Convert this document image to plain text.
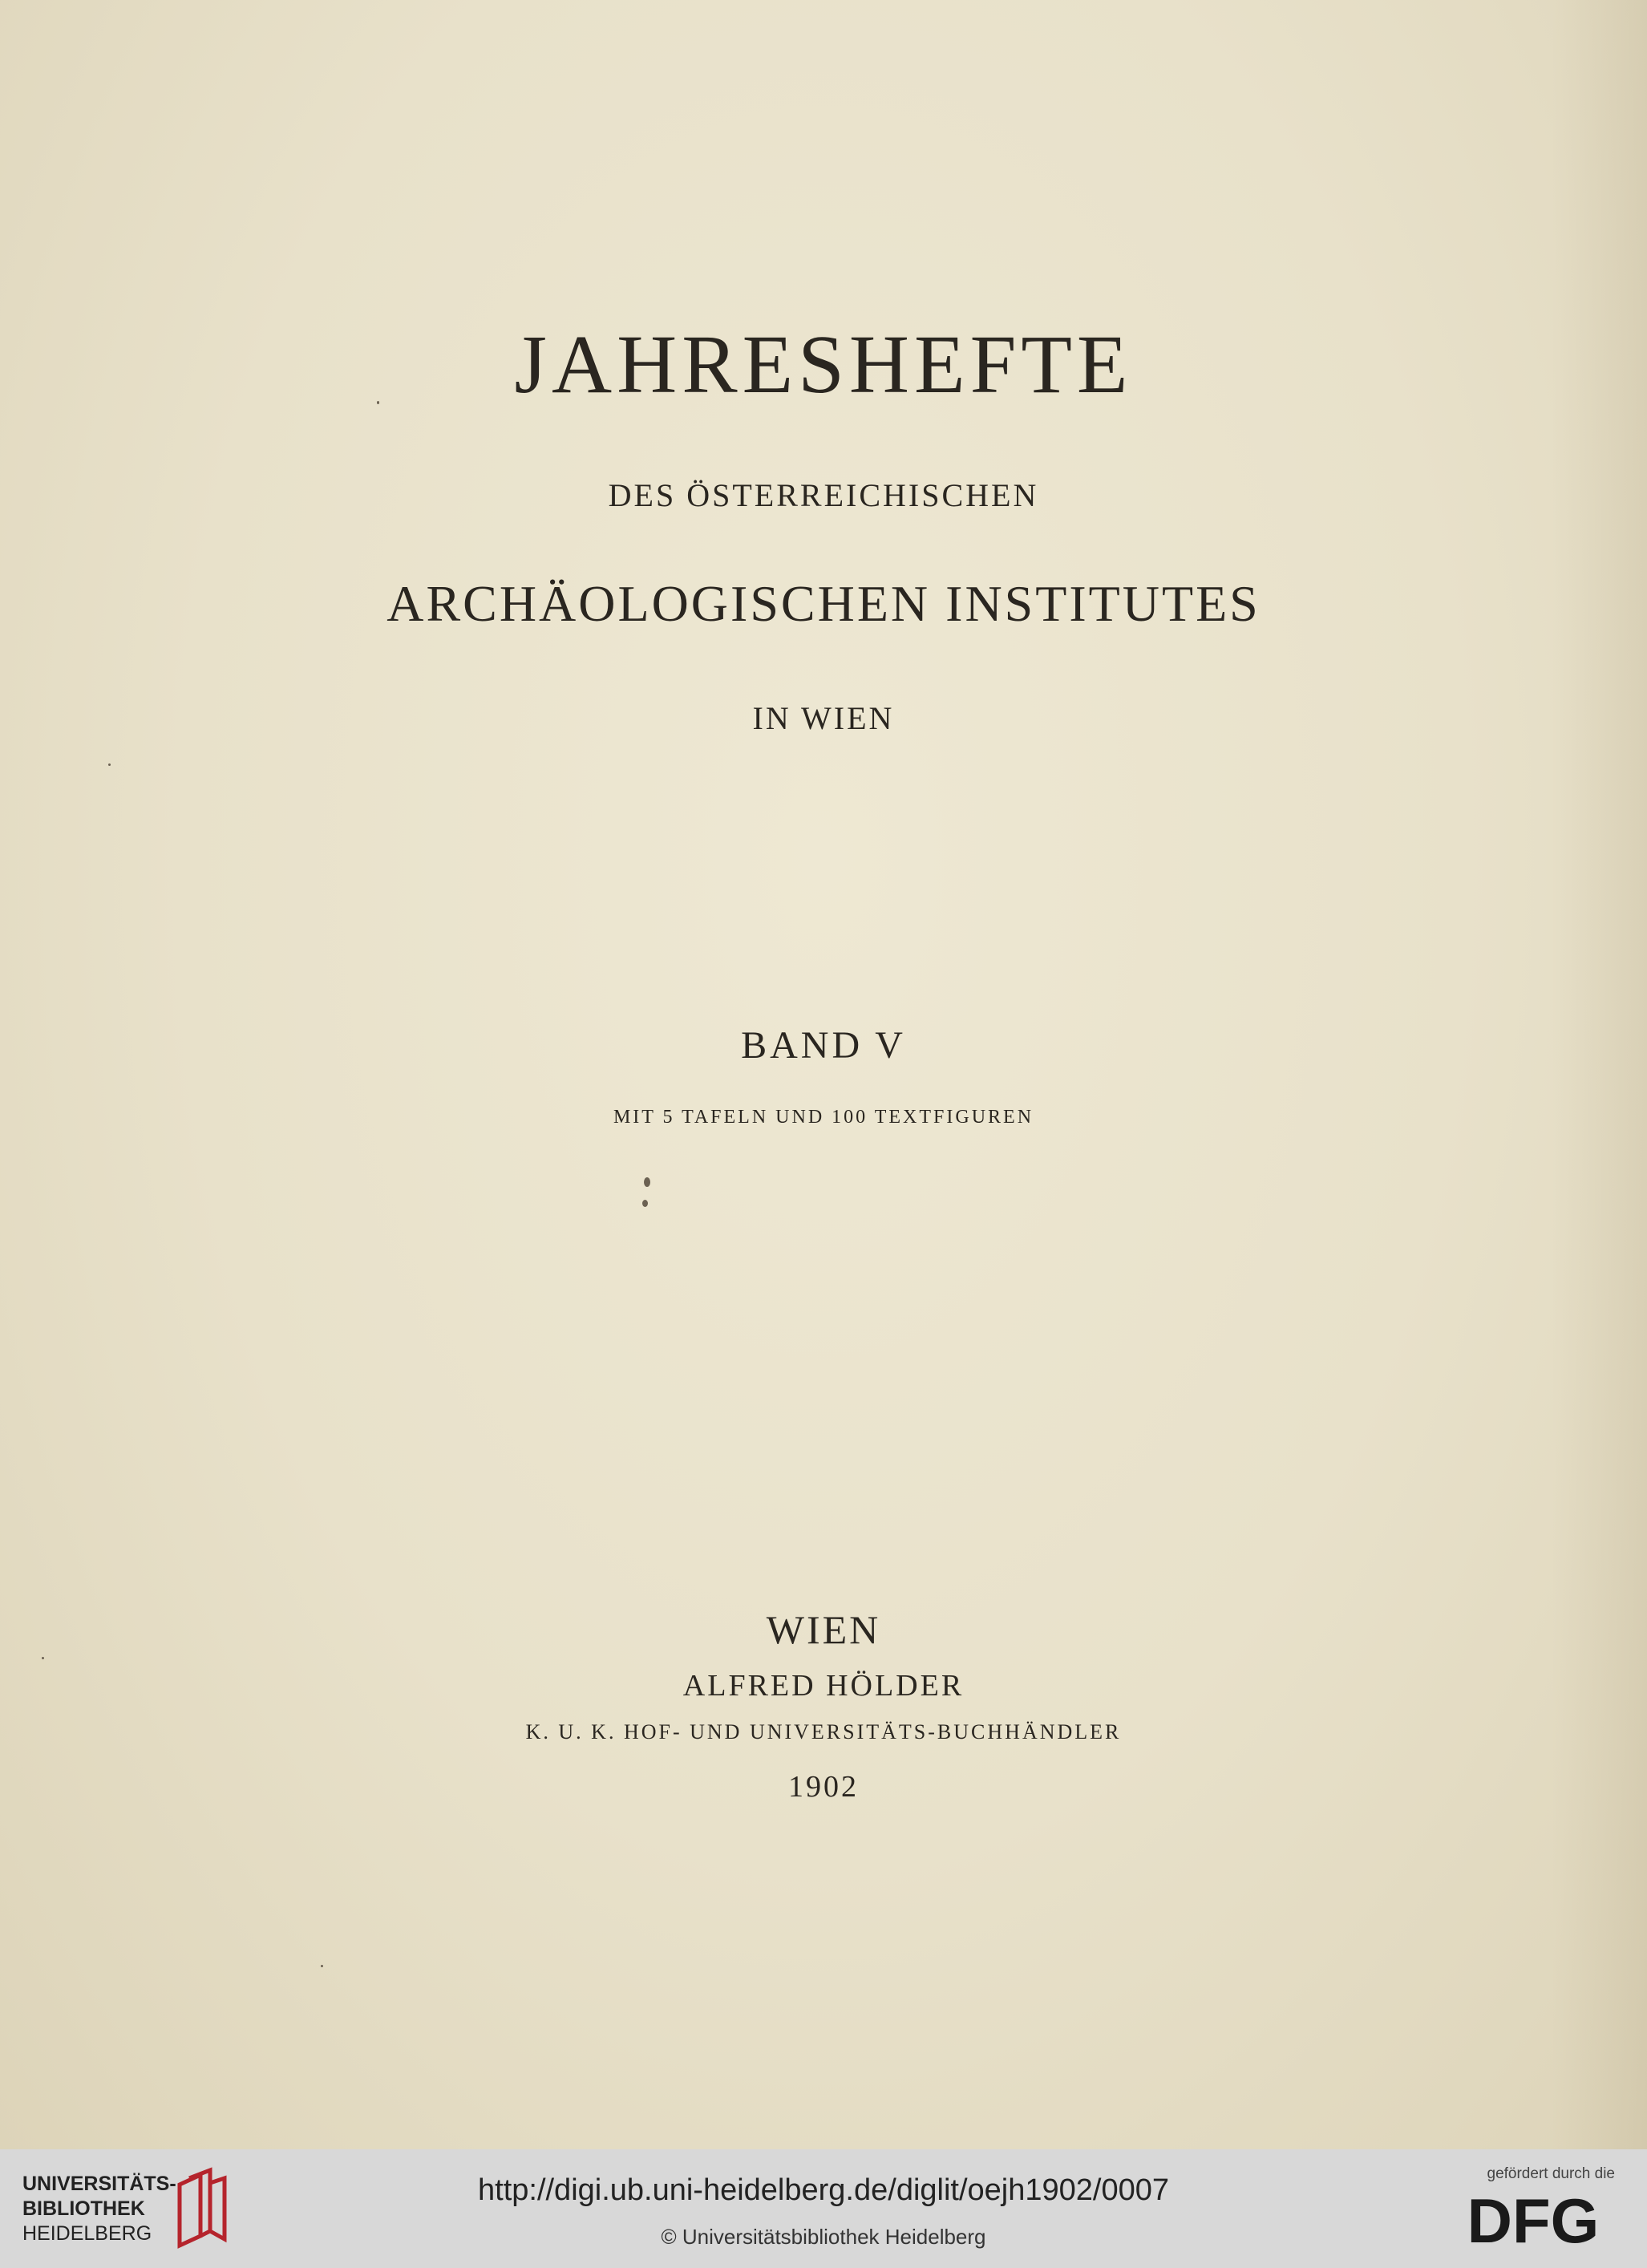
JAHRESHEFTE
DES ÖSTERREICHISCHEN
ARCHÄOLOGISCHEN INSTITUTES
IN WIEN
BAND V
MIT 5 TAFELN UND 100 TEXTFIGUREN
WIEN
ALFRED HÖLDER
K. U. K. HOF- UND UNIVERSITÄTS-BUCHHÄNDLER
1902
UNIVERSITÄTS-
BIBLIOTHEK
HEIDELBERG
http://digi.ub.uni-heidelberg.de/diglit/oejh1902/0007
© Universitätsbibliothek Heidelberg
gefördert durch die
DFG
